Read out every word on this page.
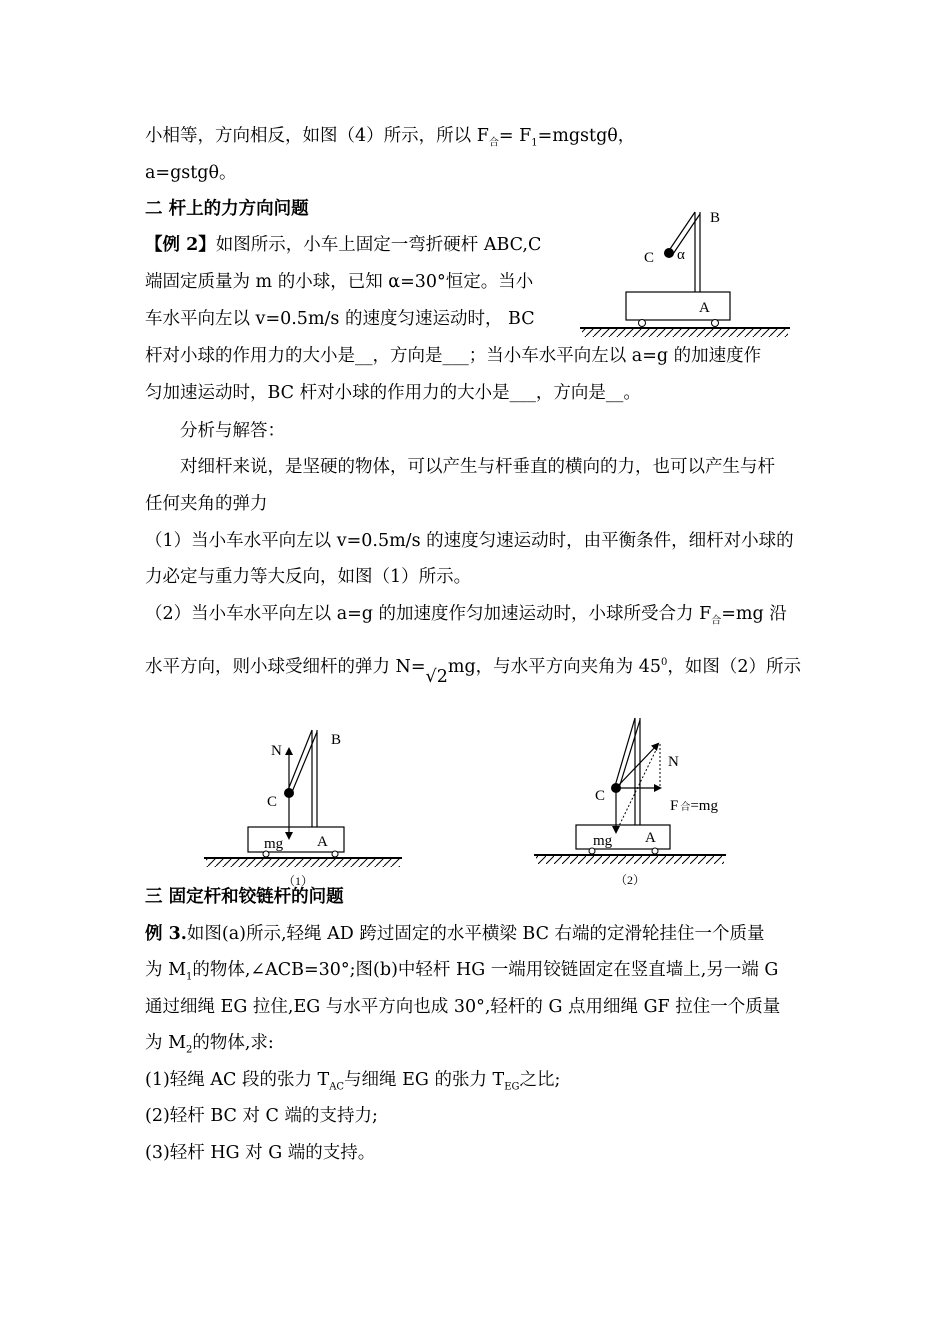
小相等，方向相反，如图（4）所示，所以 $F_合=$ $F_1=mgstg\theta$，
a=gstgθ。
二 杆上的力方向问题
【例 2】如图所示，小车上固定一弯折硬杆 ABC,C
端固定质量为 m 的小球，已知 α=30°恒定。当小
车水平向左以 v=0.5m/s 的速度匀速运动时， BC
杆对小球的作用力的大小是__，方向是___；当小车水平向左以 a=g 的加速度作
匀加速运动时，BC 杆对小球的作用力的大小是___，方向是__。
分析与解答：
对细杆来说，是坚硬的物体，可以产生与杆垂直的横向的力，也可以产生与杆
任何夹角的弹力
（1）当小车水平向左以 v=0.5m/s 的速度匀速运动时，由平衡条件，细杆对小球的
力必定与重力等大反向，如图（1）所示。
（2）当小车水平向左以 a=g 的加速度作匀加速运动时，小球所受合力 $F_合=mg$ 沿
水平方向，则小球受细杆的弹力 N=√2mg，与水平方向夹角为 $45^0$，如图（2）所示
三 固定杆和铰链杆的问题
例 3.如图(a)所示,轻绳 AD 跨过固定的水平横梁 BC 右端的定滑轮挂住一个质量
为 $M_1$的物体,∠ACB=30°;图(b)中轻杆 HG 一端用铰链固定在竖直墙上,另一端 G
通过细绳 EG 拉住,EG 与水平方向也成 30°,轻杆的 G 点用细绳 GF 拉住一个质量
为 $M_2$的物体,求:
(1)轻绳 AC 段的张力 $T_{AC}$与细绳 EG 的张力 $T_{EG}$之比;
(2)轻杆 BC 对 C 端的支持力;
(3)轻杆 HG 对 G 端的支持。
B
C α
A
N
B
C
mg A
（1）
N
C
F合=mg
mg A
（2）
